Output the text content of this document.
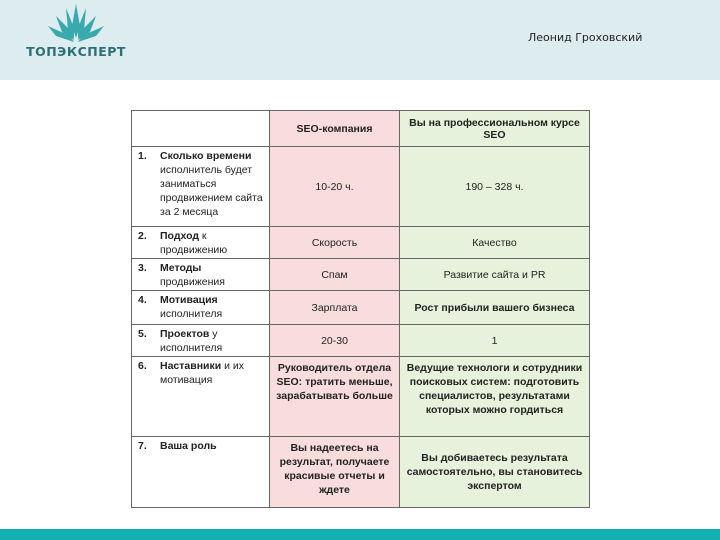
ТОПЭКСПЕРТ
Леонид Гроховский
	SEO-компания	Вы на профессиональном курсе SEO
1. Сколько времени исполнитель будет заниматься продвижением сайта за 2 месяца	10-20 ч.	190 – 328 ч.
2. Подход к продвижению	Скорость	Качество
3. Методы продвижения	Спам	Развитие сайта и PR
4. Мотивация исполнителя	Зарплата	Рост прибыли вашего бизнеса
5. Проектов у исполнителя	20-30	1
6. Наставники и их мотивация	Руководитель отдела SEO: тратить меньше, зарабатывать больше	Ведущие технологи и сотрудники поисковых систем: подготовить специалистов, результатами которых можно гордиться
7. Ваша роль	Вы надеетесь на результат, получаете красивые отчеты и ждете	Вы добиваетесь результата самостоятельно, вы становитесь экспертом
